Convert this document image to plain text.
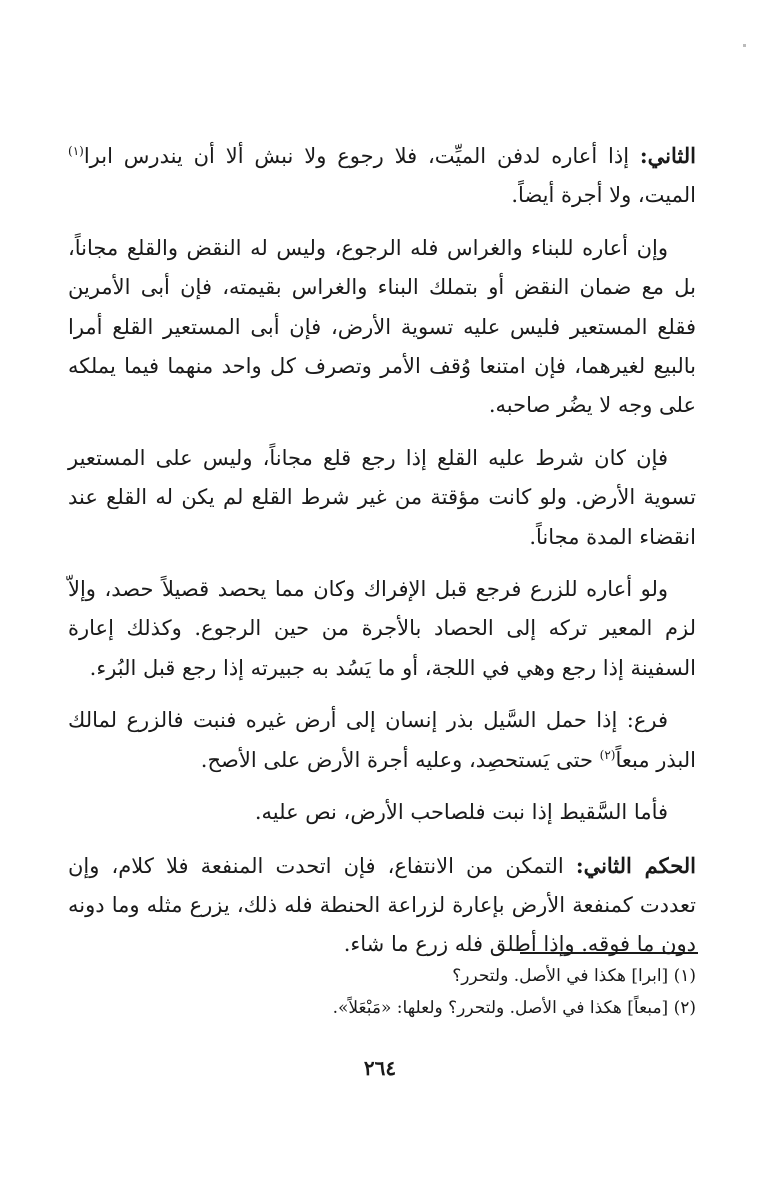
الثاني: إذا أعاره لدفن الميِّت، فلا رجوع ولا نبش ألا أن يندرس ابرا$^{(١)}$ الميت، ولا أجرة أيضاً.

وإن أعاره للبناء والغراس فله الرجوع، وليس له النقض والقلع مجاناً، بل مع ضمان النقض أو بتملك البناء والغراس بقيمته، فإن أبى الأمرين فقلع المستعير فليس عليه تسوية الأرض، فإن أبى المستعير القلع أمرا بالبيع لغيرهما، فإن امتنعا وُقف الأمر وتصرف كل واحد منهما فيما يملكه على وجه لا يضُر صاحبه.

فإن كان شرط عليه القلع إذا رجع قلع مجاناً، وليس على المستعير تسوية الأرض. ولو كانت مؤقتة من غير شرط القلع لم يكن له القلع عند انقضاء المدة مجاناً.

ولو أعاره للزرع فرجع قبل الإفراك وكان مما يحصد قصيلاً حصد، وإلاّ لزم المعير تركه إلى الحصاد بالأجرة من حين الرجوع. وكذلك إعارة السفينة إذا رجع وهي في اللجة، أو ما يَسُد به جبيرته إذا رجع قبل البُرء.

فرع: إذا حمل السَّيل بذر إنسان إلى أرض غيره فنبت فالزرع لمالك البذر مبعاً$^{(٢)}$ حتى يَستحصِد، وعليه أجرة الأرض على الأصح.

فأما السَّقيط إذا نبت فلصاحب الأرض، نص عليه.

الحكم الثاني: التمكن من الانتفاع، فإن اتحدت المنفعة فلا كلام، وإن تعددت كمنفعة الأرض بإعارة لزراعة الحنطة فله ذلك، يزرع مثله وما دونه دون ما فوقه. وإذا أطلق فله زرع ما شاء.

(١) [ابرا] هكذا في الأصل. ولتحرر؟

(٢) [مبعاً] هكذا في الأصل. ولتحرر؟ ولعلها: «مَبْعَلاً».

٢٦٤
